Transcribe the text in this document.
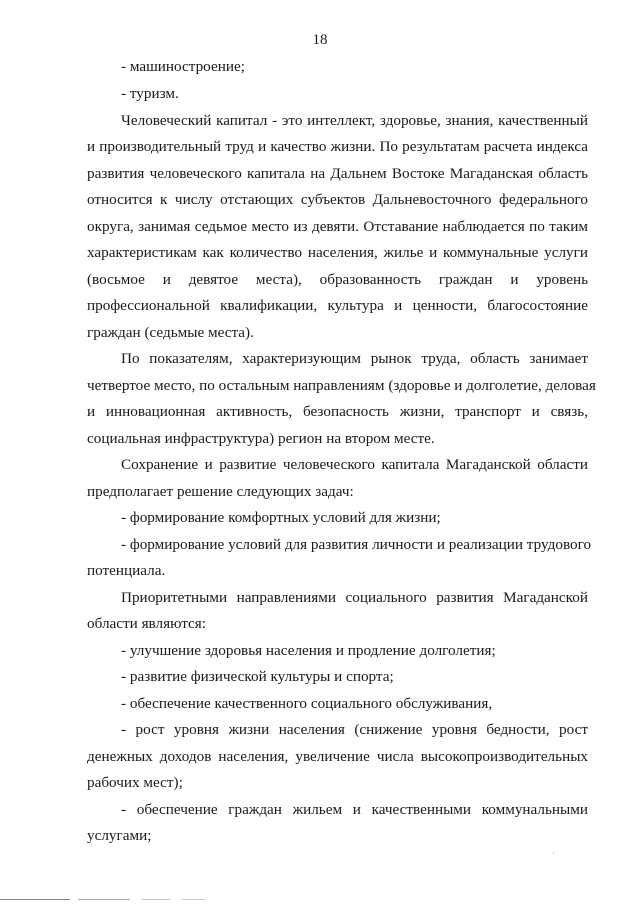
18
- машиностроение;
- туризм.
Человеческий капитал - это интеллект, здоровье, знания, качественный
и производительный труд и качество жизни. По результатам расчета индекса
развития человеческого капитала на Дальнем Востоке Магаданская область
относится к числу отстающих субъектов Дальневосточного федерального
округа, занимая седьмое место из девяти. Отставание наблюдается по таким
характеристикам как количество населения, жилье и коммунальные услуги
(восьмое и девятое места), образованность граждан и уровень
профессиональной квалификации, культура и ценности, благосостояние
граждан (седьмые места).
По показателям, характеризующим рынок труда, область занимает
четвертое место, по остальным направлениям (здоровье и долголетие, деловая
и инновационная активность, безопасность жизни, транспорт и связь,
социальная инфраструктура) регион на втором месте.
Сохранение и развитие человеческого капитала Магаданской области
предполагает решение следующих задач:
- формирование комфортных условий для жизни;
- формирование условий для развития личности и реализации трудового
потенциала.
Приоритетными направлениями социального развития Магаданской
области являются:
- улучшение здоровья населения и продление долголетия;
- развитие физической культуры и спорта;
- обеспечение качественного социального обслуживания,
- рост уровня жизни населения (снижение уровня бедности, рост
денежных доходов населения, увеличение числа высокопроизводительных
рабочих мест);
- обеспечение граждан жильем и качественными коммунальными
услугами;
